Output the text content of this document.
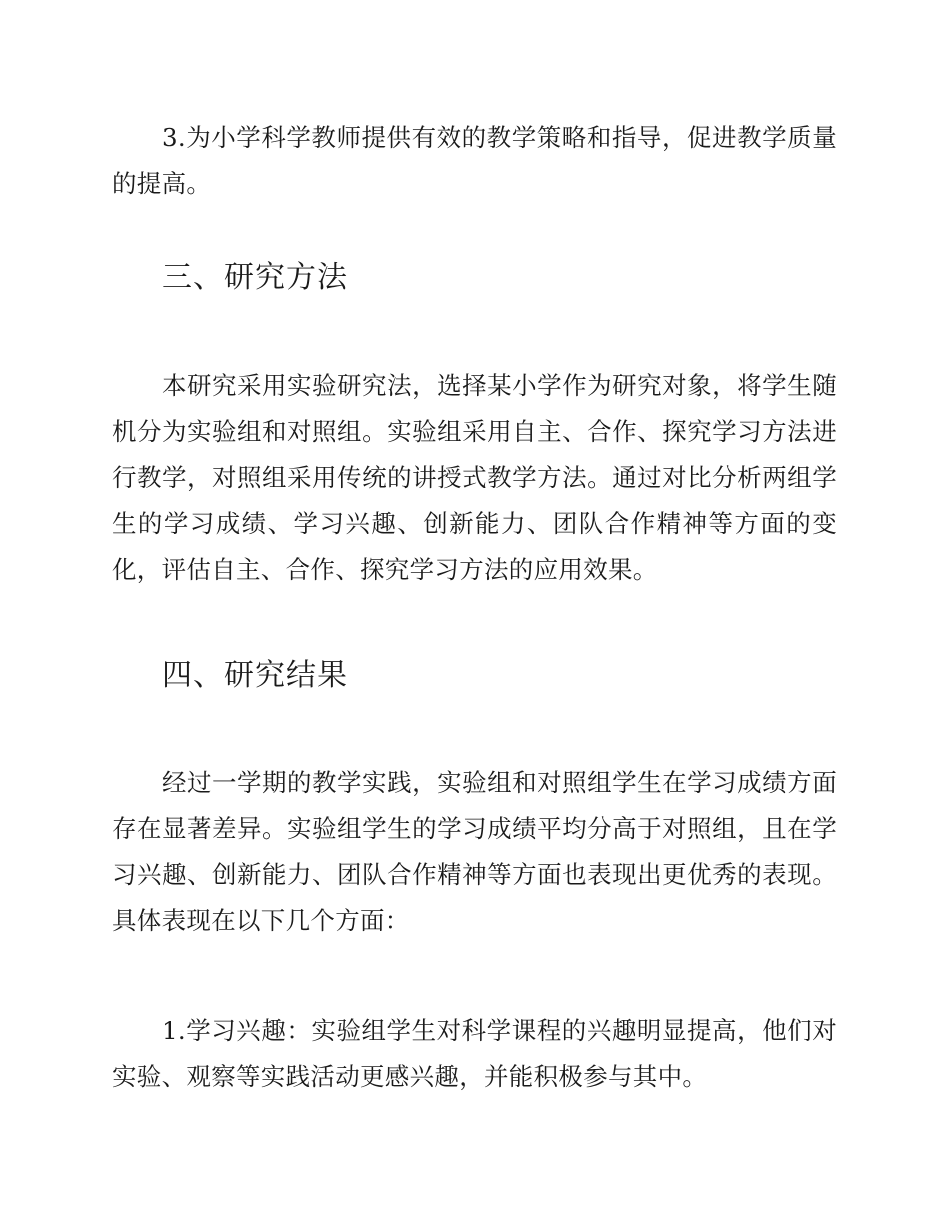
3.为小学科学教师提供有效的教学策略和指导，促进教学质量的提高。

三、研究方法

本研究采用实验研究法，选择某小学作为研究对象，将学生随机分为实验组和对照组。实验组采用自主、合作、探究学习方法进行教学，对照组采用传统的讲授式教学方法。通过对比分析两组学生的学习成绩、学习兴趣、创新能力、团队合作精神等方面的变化，评估自主、合作、探究学习方法的应用效果。

四、研究结果

经过一学期的教学实践，实验组和对照组学生在学习成绩方面存在显著差异。实验组学生的学习成绩平均分高于对照组，且在学习兴趣、创新能力、团队合作精神等方面也表现出更优秀的表现。具体表现在以下几个方面：

1.学习兴趣：实验组学生对科学课程的兴趣明显提高，他们对实验、观察等实践活动更感兴趣，并能积极参与其中。
